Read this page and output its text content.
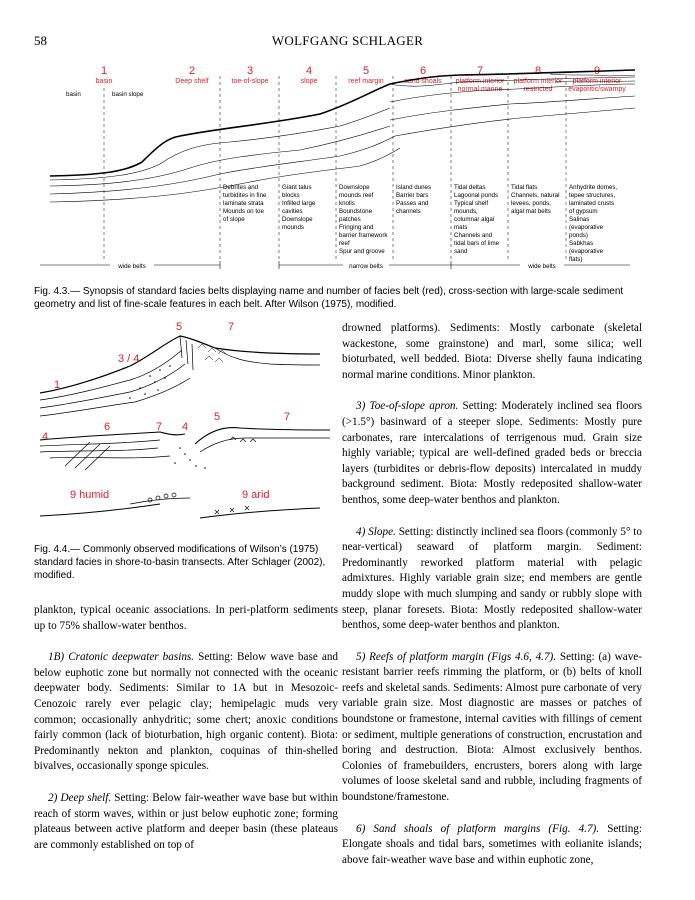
58	WOLFGANG SCHLAGER
1
basin
2
Deep shelf
3
toe-of-slope
4
slope
5
reef margin
6
sand shoals
7
platform interior
normal marine
8
platform interior
restricted
9
platform interior
evaporitic/swampy
basin	basin slope
Debrites and turbidites in fine laminate strata Mounds on toe of slope
Giant talus blocks Infilled large cavities Downslope mounds
Downslope mounds reef knolls Boundstone patches Fringing and barrier framework reef Spur and groove
Island dunes Barrier bars Passes and channels
Tidal deltas Lagoonal ponds Typical shelf mounds, columnar algal mats Channels and tidal bars of lime sand
Tidal flats Channels, natural levees, ponds, algal mat belts
Anhydrite domes, tepee structures, laminated crusts of gypsum Salinas (evaporative ponds) Sabkhas (evaporative flats)
wide belts	narrow belts	wide belts
Fig. 4.3.— Synopsis of standard facies belts displaying name and number of facies belt (red), cross-section with large-scale sediment geometry and list of fine-scale features in each belt. After Wilson (1975), modified.
5	7
3 / 4
1
5	7
4
6	7 4
9 humid	9 arid
Fig. 4.4.— Commonly observed modifications of Wilson’s (1975) standard facies in shore-to-basin transects. After Schlager (2002), modified.

plankton, typical oceanic associations. In peri-platform sediments up to 75% shallow-water benthos.

1B) Cratonic deepwater basins. Setting: Below wave base and below euphotic zone but normally not connected with the oceanic deepwater body. Sediments: Similar to 1A but in Mesozoic-Cenozoic rarely ever pelagic clay; hemipelagic muds very common; occasionally anhydritic; some chert; anoxic conditions fairly common (lack of bioturbation, high organic content). Biota: Predominantly nekton and plankton, coquinas of thin-shelled bivalves, occasionally sponge spicules.

2) Deep shelf. Setting: Below fair-weather wave base but within reach of storm waves, within or just below euphotic zone; forming plateaus between active platform and deeper basin (these plateaus are commonly established on top of

drowned platforms). Sediments: Mostly carbonate (skeletal wackestone, some grainstone) and marl, some silica; well bioturbated, well bedded. Biota: Diverse shelly fauna indicating normal marine conditions. Minor plankton.

3) Toe-of-slope apron. Setting: Moderately inclined sea floors (>1.5°) basinward of a steeper slope. Sediments: Mostly pure carbonates, rare intercalations of terrigenous mud. Grain size highly variable; typical are well-defined graded beds or breccia layers (turbidites or debris-flow deposits) intercalated in muddy background sediment. Biota: Mostly redeposited shallow-water benthos, some deep-water benthos and plankton.

4) Slope. Setting: distinctly inclined sea floors (commonly 5° to near-vertical) seaward of platform margin. Sediment: Predominantly reworked platform material with pelagic admixtures. Highly variable grain size; end members are gentle muddy slope with much slumping and sandy or rubbly slope with steep, planar foresets. Biota: Mostly redeposited shallow-water benthos, some deep-water benthos and plankton.

5) Reefs of platform margin (Figs 4.6, 4.7). Setting: (a) wave-resistant barrier reefs rimming the platform, or (b) belts of knoll reefs and skeletal sands. Sediments: Almost pure carbonate of very variable grain size. Most diagnostic are masses or patches of boundstone or framestone, internal cavities with fillings of cement or sediment, multiple generations of construction, encrustation and boring and destruction. Biota: Almost exclusively benthos. Colonies of framebuilders, encrusters, borers along with large volumes of loose skeletal sand and rubble, including fragments of boundstone/framestone.

6) Sand shoals of platform margins (Fig. 4.7). Setting: Elongate shoals and tidal bars, sometimes with eolianite islands; above fair-weather wave base and within euphotic zone,
